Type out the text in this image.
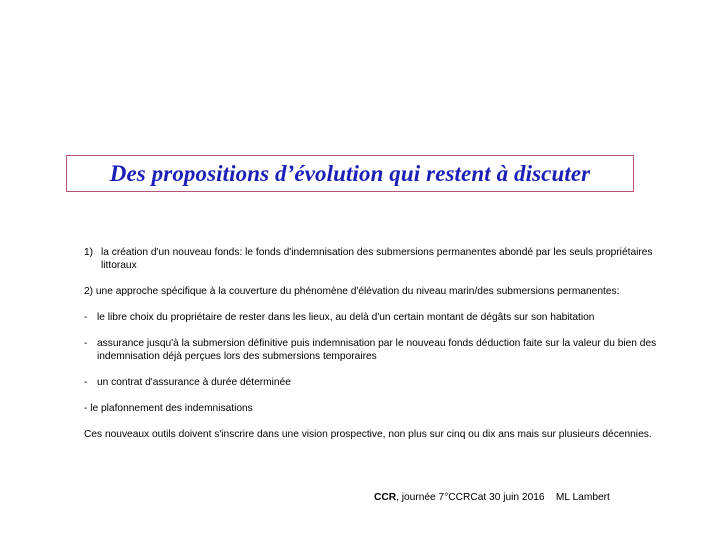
Des propositions d’évolution qui restent à discuter
1) la création d'un nouveau fonds: le fonds d'indemnisation des submersions permanentes abondé par les seuls propriétaires littoraux
2) une approche spécifique à la couverture du phénomène d'élévation du niveau marin/des submersions permanentes:
- le libre choix du propriétaire de rester dans les lieux, au delà d'un certain montant de dégâts sur son habitation
- assurance jusqu'à la submersion définitive puis indemnisation par le nouveau fonds déduction faite sur la valeur du bien des indemnisation déjà perçues lors des submersions temporaires
- un contrat d'assurance à durée déterminée
- le plafonnement des indemnisations
Ces nouveaux outils doivent s'inscrire dans une vision prospective, non plus sur cinq ou dix ans mais sur plusieurs décennies.
CCR, journée 7°CCRCat 30 juin 2016 ML Lambert
